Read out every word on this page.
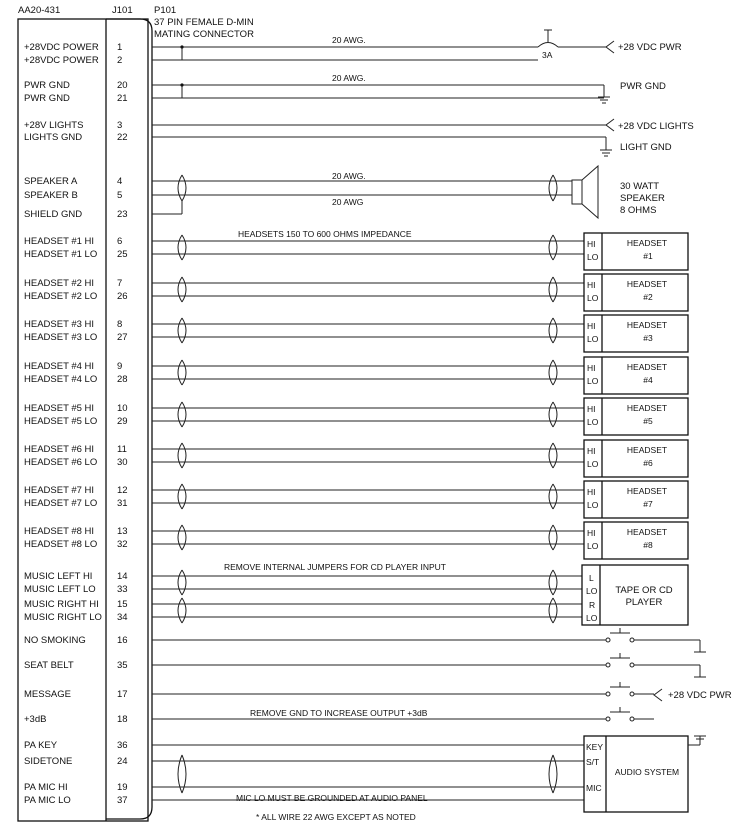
AA20-431	J101 P101
37 PIN FEMALE D-MIN
MATING CONNECTOR
+28VDC POWER 1
+28VDC POWER 2
PWR GND	20
PWR GND	21
+28V LIGHTS	3
LIGHTS GND	22
SPEAKER A	4
SPEAKER B	5
SHIELD GND	23
HEADSET #1 HI 6
HEADSET #1 LO 25
HEADSET #2 HI 7
HEADSET #2 LO 26
HEADSET #3 HI 8
HEADSET #3 LO 27
HEADSET #4 HI 9
HEADSET #4 LO 28
HEADSET #5 HI 10
HEADSET #5 LO 29
HEADSET #6 HI 11
HEADSET #6 LO 30
HEADSET #7 HI 12
HEADSET #7 LO 31
HEADSET #8 HI 13
HEADSET #8 LO 32
MUSIC LEFT HI	14
MUSIC LEFT LO 33
MUSIC RIGHT HI 15
MUSIC RIGHT LO 34
NO SMOKING	16
SEAT BELT	35
MESSAGE	17
+3dB	18
PA KEY	36
SIDETONE	24
PA MIC HI	19
PA MIC LO	37
20 AWG.
3A
+28 VDC PWR
20 AWG.
PWR GND
+28 VDC LIGHTS
LIGHT GND
20 AWG.
20 AWG
30 WATT
SPEAKER
8 OHMS
HEADSETS 150 TO 600 OHMS IMPEDANCE
REMOVE INTERNAL JUMPERS FOR CD PLAYER INPUT
REMOVE GND TO INCREASE OUTPUT +3dB
MIC LO MUST BE GROUNDED AT AUDIO PANEL
* ALL WIRE 22 AWG EXCEPT AS NOTED
HI
LO
HEADSET
#1
HI
LO
HEADSET
#2
HI
LO
HEADSET
#3
HI
LO
HEADSET
#4
HI
LO
HEADSET
#5
HI
LO
HEADSET
#6
HI
LO
HEADSET
#7
HI
LO
HEADSET
#8
L
LO
R
LO
TAPE OR CD
PLAYER
+28 VDC PWR
KEY
S/T
MIC
AUDIO SYSTEM
